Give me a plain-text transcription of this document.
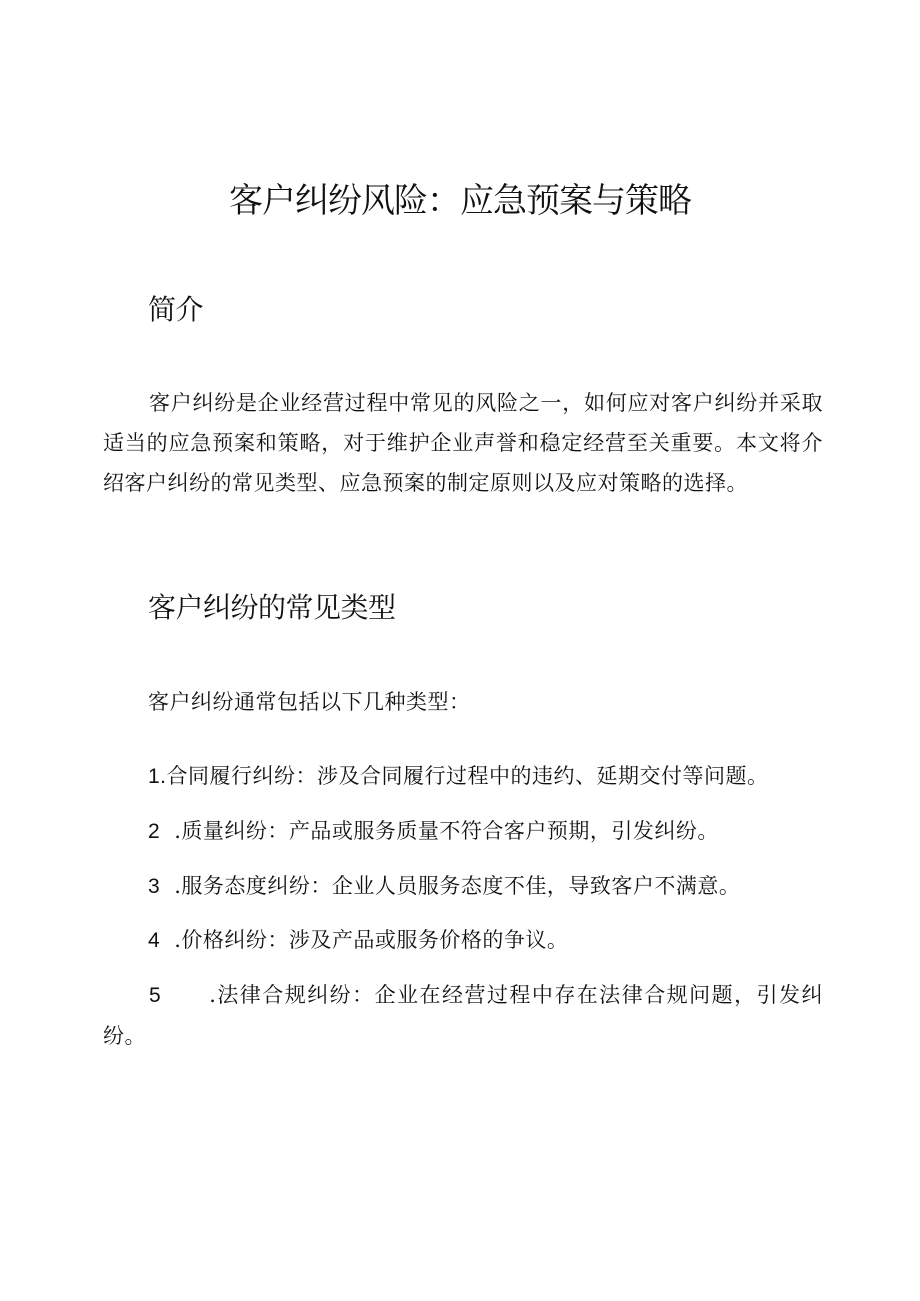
客户纠纷风险：应急预案与策略
简介

客户纠纷是企业经营过程中常见的风险之一，如何应对客户纠纷并采取适当的应急预案和策略，对于维护企业声誉和稳定经营至关重要。本文将介绍客户纠纷的常见类型、应急预案的制定原则以及应对策略的选择。

客户纠纷的常见类型

客户纠纷通常包括以下几种类型：

1.合同履行纠纷：涉及合同履行过程中的违约、延期交付等问题。

2 .质量纠纷：产品或服务质量不符合客户预期，引发纠纷。

3 .服务态度纠纷：企业人员服务态度不佳，导致客户不满意。

4 .价格纠纷：涉及产品或服务价格的争议。

5 .法律合规纠纷：企业在经营过程中存在法律合规问题，引发纠纷。
